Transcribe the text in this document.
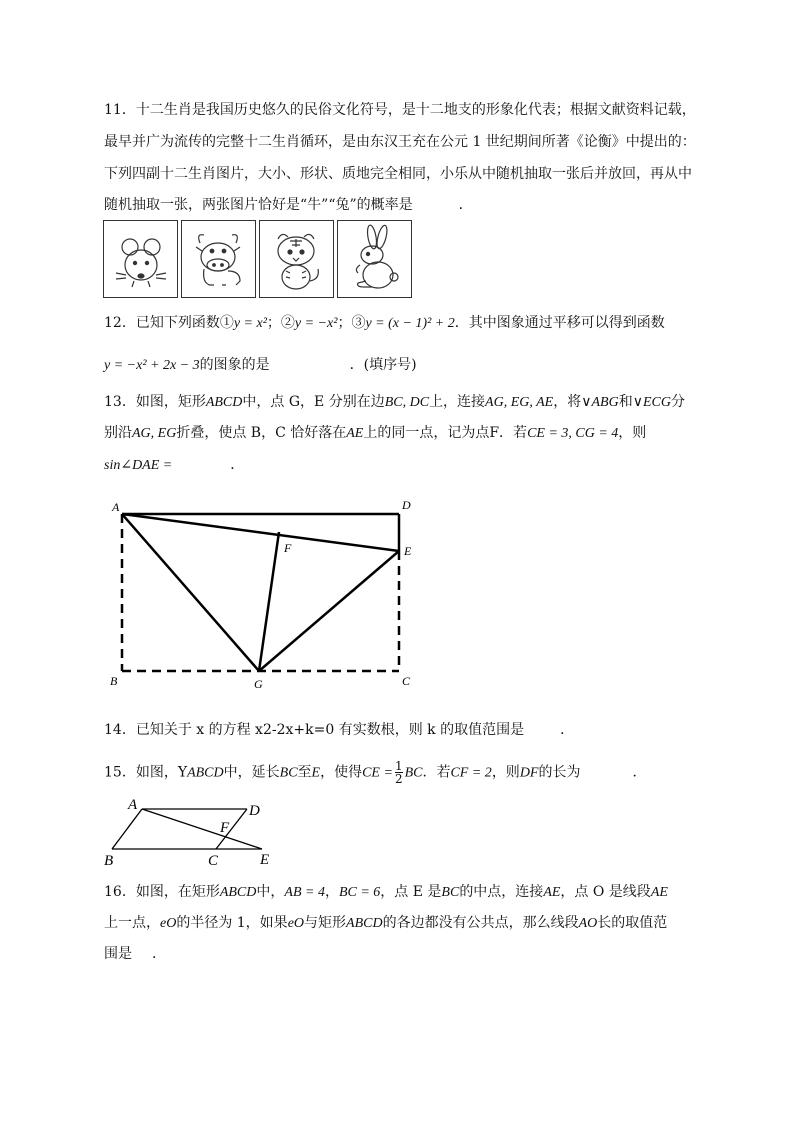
11．十二生肖是我国历史悠久的民俗文化符号，是十二地支的形象化代表；根据文献资料记载，
最早并广为流传的完整十二生肖循环，是由东汉王充在公元 1 世纪期间所著《论衡》中提出的：
下列四副十二生肖图片，大小、形状、质地完全相同，小乐从中随机抽取一张后并放回，再从中
随机抽取一张，两张图片恰好是“牛”“兔”的概率是	．
12．已知下列函数①y = x²；②y = −x²；③y = (x − 1)² + 2．其中图象通过平移可以得到函数
y = −x² + 2x − 3的图象的是	．(填序号)
13．如图，矩形ABCD中，点 G，E 分别在边BC, DC上，连接AG, EG, AE，将∨ABG和∨ECG分
别沿AG, EG折叠，使点 B，C 恰好落在AE上的同一点，记为点F．若CE = 3, CG = 4，则
sin∠DAE =	．
A	D
F	E
B	G	C
14．已知关于 x 的方程 x2-2x+k=0 有实数根，则 k 的取值范围是	．
15．如图，YABCD中，延长BC至E，使得CE = $\frac{1}{2}$ BC．若CF = 2，则DF的长为	．
A	D
F
B	C	E
16．如图，在矩形ABCD中，AB = 4，BC = 6，点 E 是BC的中点，连接AE，点 O 是线段AE
上一点，eO的半径为 1，如果eO与矩形ABCD的各边都没有公共点，那么线段AO长的取值范
围是 ．
